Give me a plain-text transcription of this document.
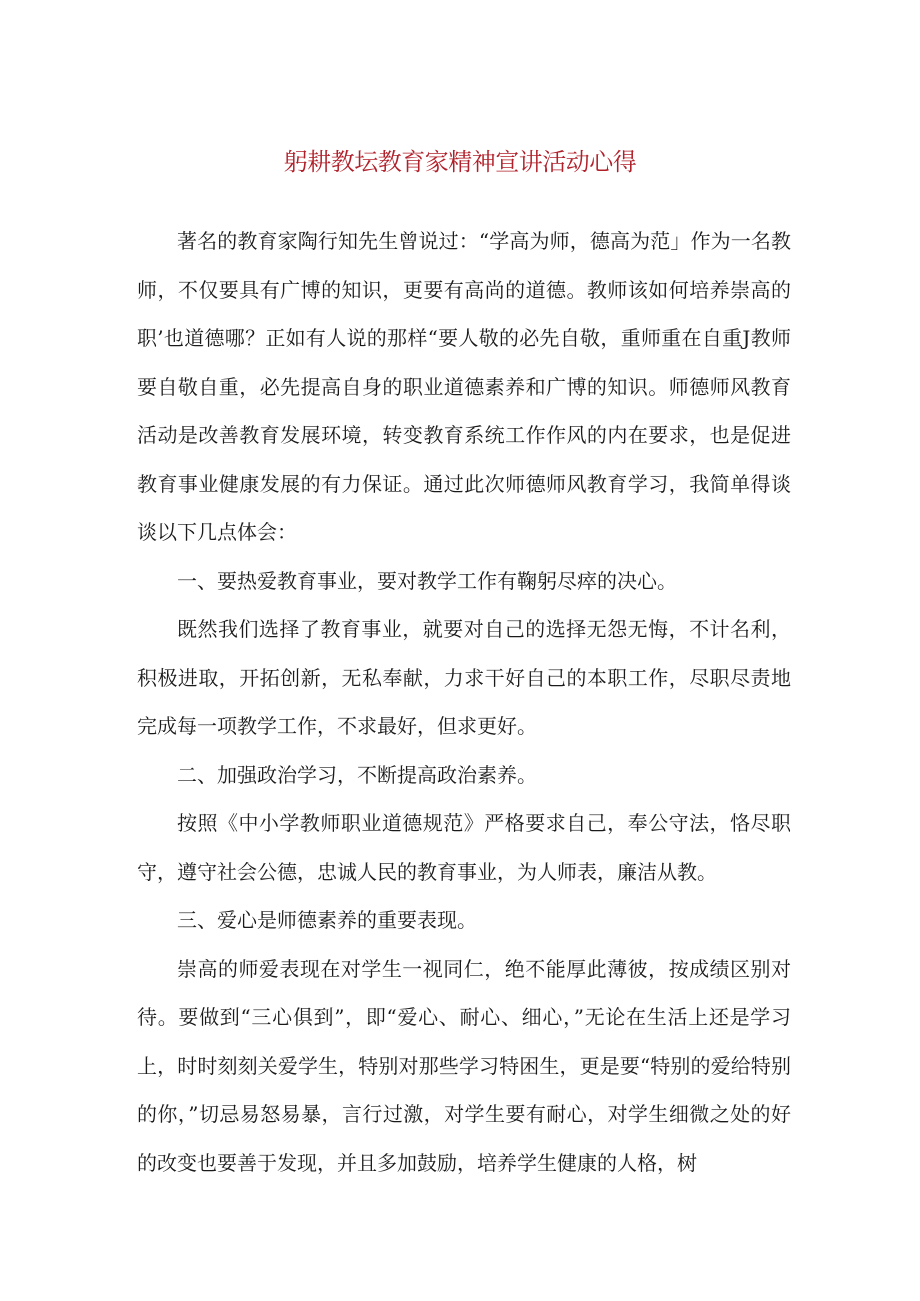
躬耕教坛教育家精神宣讲活动心得

著名的教育家陶行知先生曾说过：“学高为师，德高为范」作为一名教师，不仅要具有广博的知识，更要有高尚的道德。教师该如何培养崇高的职’也道德哪？正如有人说的那样“要人敬的必先自敬，重师重在自重J教师要自敬自重，必先提高自身的职业道德素养和广博的知识。师德师风教育活动是改善教育发展环境，转变教育系统工作作风的内在要求，也是促进教育事业健康发展的有力保证。通过此次师德师风教育学习，我简单得谈谈以下几点体会：

一、要热爱教育事业，要对教学工作有鞠躬尽瘁的决心。

既然我们选择了教育事业，就要对自己的选择无怨无悔，不计名利，积极进取，开拓创新，无私奉献，力求干好自己的本职工作，尽职尽责地完成每一项教学工作，不求最好，但求更好。

二、加强政治学习，不断提高政治素养。

按照《中小学教师职业道德规范》严格要求自己，奉公守法，恪尽职守，遵守社会公德，忠诚人民的教育事业，为人师表，廉洁从教。

三、爱心是师德素养的重要表现。

崇高的师爱表现在对学生一视同仁，绝不能厚此薄彼，按成绩区别对待。要做到“三心俱到”，即“爱心、耐心、细心，”无论在生活上还是学习上，时时刻刻关爱学生，特别对那些学习特困生，更是要“特别的爱给特别的你，”切忌易怒易暴，言行过激，对学生要有耐心，对学生细微之处的好的改变也要善于发现，并且多加鼓励，培养学生健康的人格，树
